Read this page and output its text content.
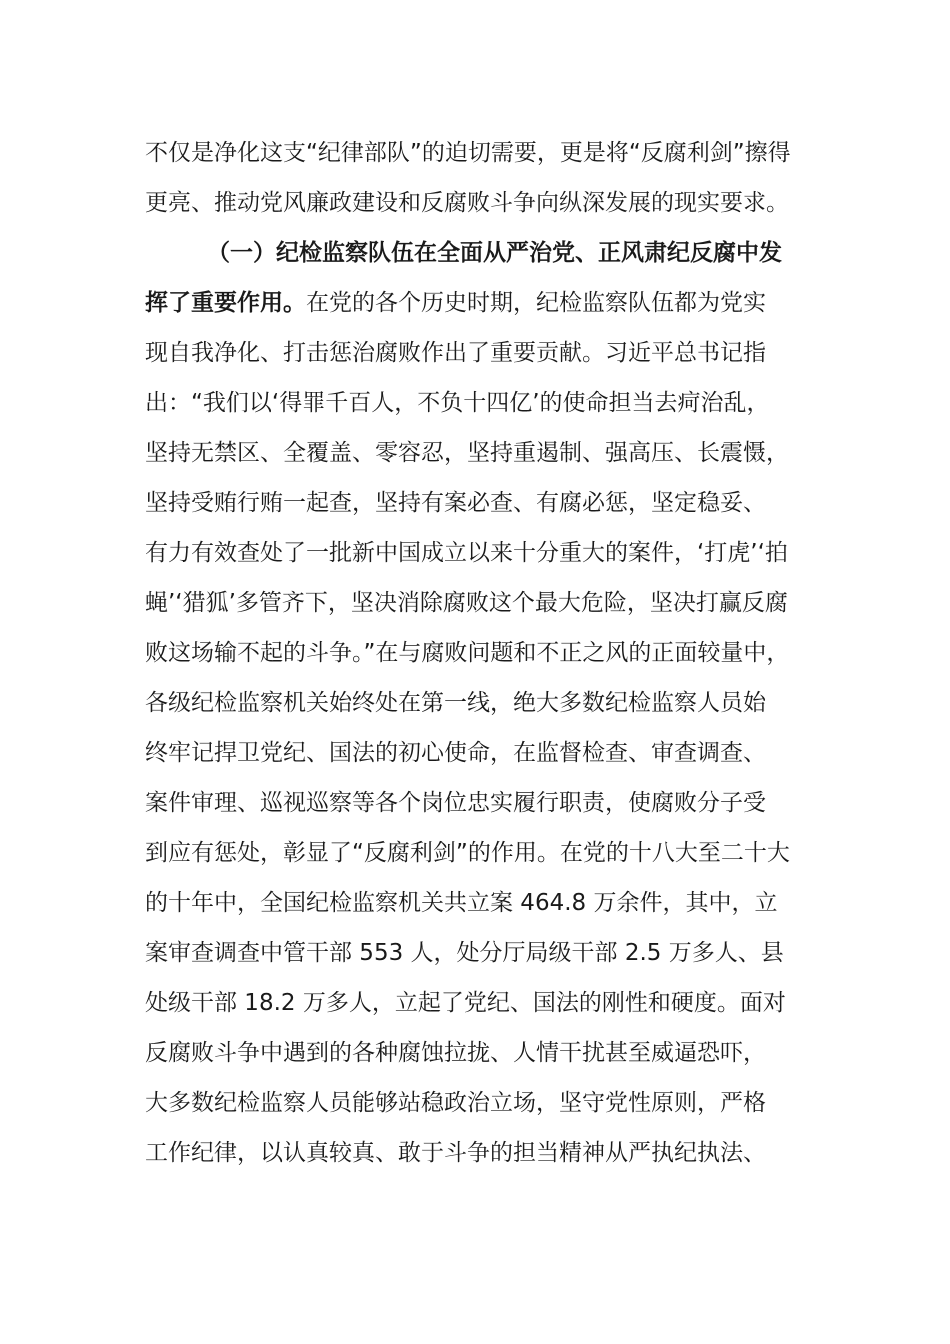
不仅是净化这支“纪律部队”的迫切需要，更是将“反腐利剑”擦得
更亮、推动党风廉政建设和反腐败斗争向纵深发展的现实要求。
（一）纪检监察队伍在全面从严治党、正风肃纪反腐中发
挥了重要作用。在党的各个历史时期，纪检监察队伍都为党实
现自我净化、打击惩治腐败作出了重要贡献。习近平总书记指
出：“我们以‘得罪千百人，不负十四亿’的使命担当去疴治乱，
坚持无禁区、全覆盖、零容忍，坚持重遏制、强高压、长震慑，
坚持受贿行贿一起查，坚持有案必查、有腐必惩，坚定稳妥、
有力有效查处了一批新中国成立以来十分重大的案件，‘打虎’‘拍
蝇’‘猎狐’多管齐下，坚决消除腐败这个最大危险，坚决打赢反腐
败这场输不起的斗争。”在与腐败问题和不正之风的正面较量中，
各级纪检监察机关始终处在第一线，绝大多数纪检监察人员始
终牢记捍卫党纪、国法的初心使命，在监督检查、审查调查、
案件审理、巡视巡察等各个岗位忠实履行职责，使腐败分子受
到应有惩处，彰显了“反腐利剑”的作用。在党的十八大至二十大
的十年中，全国纪检监察机关共立案 464.8 万余件，其中，立
案审查调查中管干部 553 人，处分厅局级干部 2.5 万多人、县
处级干部 18.2 万多人，立起了党纪、国法的刚性和硬度。面对
反腐败斗争中遇到的各种腐蚀拉拢、人情干扰甚至威逼恐吓，
大多数纪检监察人员能够站稳政治立场，坚守党性原则，严格
工作纪律，以认真较真、敢于斗争的担当精神从严执纪执法、
